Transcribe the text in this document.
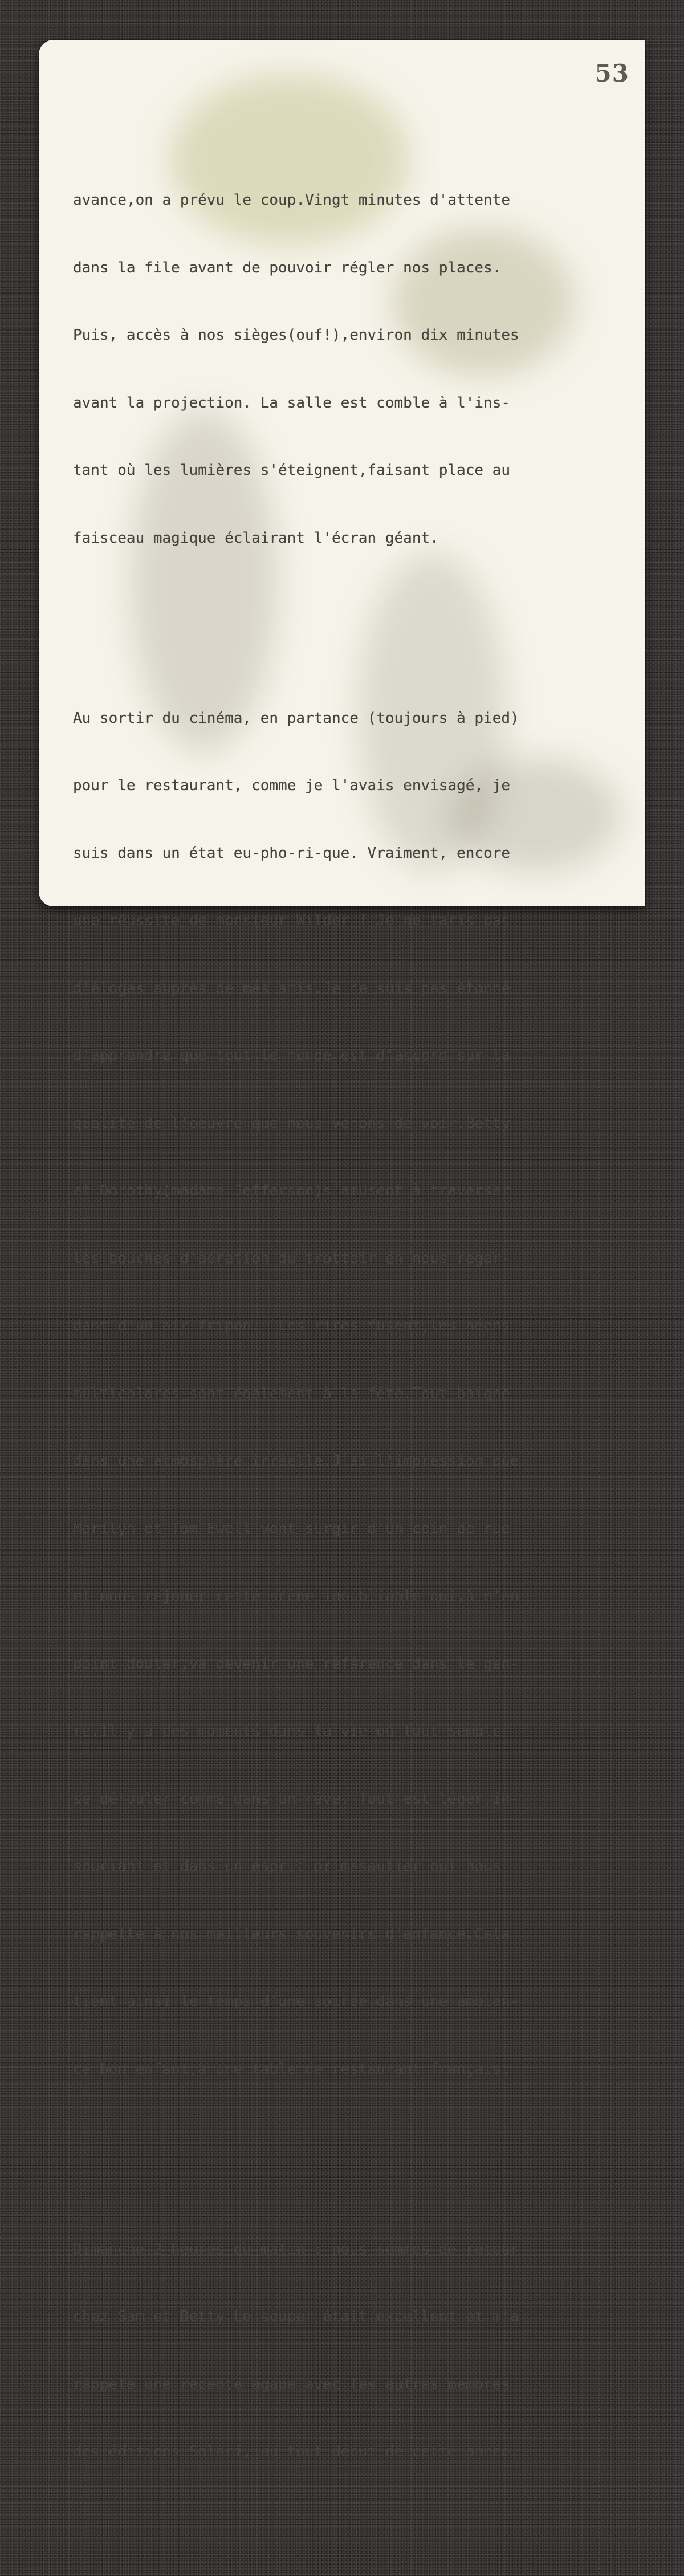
53

avance,on a prévu le coup.Vingt minutes d'attente

dans la file avant de pouvoir régler nos places.

Puis, accès à nos sièges(ouf!),environ dix minutes

avant la projection. La salle est comble à l'ins-

tant où les lumières s'éteignent,faisant place au

faisceau magique éclairant l'écran géant.

Au sortir du cinéma, en partance (toujours à pied)

pour le restaurant, comme je l'avais envisagé, je

suis dans un état eu-pho-ri-que. Vraiment, encore

une réussite de monsieur Wilder ! Je ne taris pas

d'éloges auprès de mes amis.Je ne suis pas étonné

d'apprendre que tout le monde est d'accord sur la

qualité de l'oeuvre que nous venons de voir.Betty

et Dorothy(madame Jefferson)s'amusent à traverser

les bouches d'aération du trottoir en nous regar-

dant d'un air fripon.  Les rires fusent,les néons

multicolores sont également à la fête.Tout baigne

dans une atmosphère irréelle.J'ai l'impression que

Marilyn et Tom Ewell vont surgir d'un coin de rue

et nous rejouer cette scène inoubliable qui,à n'en

point douter,va devenir une référence dans le gen-

re.Il y a des moments dans la vie où tout semble

se dérouler comme dans un rêve. Tout est léger,in-

souciant et dans un esprit primesautier qui nous

rappelle à nos meilleurs souvenirs d'enfance.Cela

tient ainsi le temps d'une soirée,dans une ambian-

ce bon enfant,à une table de restaurant français.

Dimanche,2 heures du matin : nous sommes de retour

chez Sam et Betty.Le souper était excellent et m'a

rappelé une récente agape avec les autres membres

des éditions Solari, au tout début de cette année.
